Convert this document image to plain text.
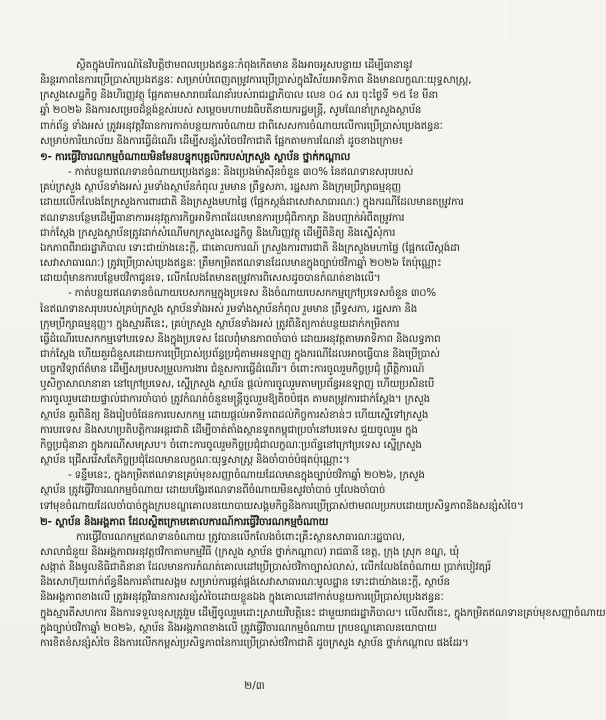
ស្ថិតក្នុងបរិការណ៍នៃវិបត្តិថាមពលប្រេងឥន្ធនៈកំពុងកើតមាន និងអាចអូសបន្លាយ ដើម្បីធានានូវ
និរន្តរភាពនៃការប្រើប្រាស់ប្រេងឥន្ធនៈ សម្រាប់បំពេញតម្រូវការប្រើប្រាស់ក្នុងវិស័យអាទិភាព និងមានលក្ខណៈយុទ្ធសាស្ត្រ,
ក្រសួងសេដ្ឋកិច្ច និងហិរញ្ញវត្ថុ ផ្អែកតាមសារាចរណែនាំរបស់រាជរដ្ឋាភិបាល លេខ ០៤ សរ ចុះថ្ងៃទី ១៥ ខែ មីនា
ឆ្នាំ ២០២៦ និងការសម្រេចដ៏ខ្ពង់ខ្ពស់របស់ សម្តេចមហាបវរធិបតីនាយករដ្ឋមន្ត្រី, សូមណែនាំក្រសួងស្ថាប័ន
ពាក់ព័ន្ធ ទាំងអស់ ត្រូវអនុវត្តវិធានការកាត់បន្ថយការចំណាយ ជាពិសេសការចំណាយលើការប្រើប្រាស់ប្រេងឥន្ធនៈ
សម្រាប់ការិយាល័យ និងការធ្វើដំណើរ ដើម្បីសន្សំសំចៃថវិកាជាតិ ផ្អែកតាមការណែនាំ ដូចខាងក្រោម៖
១- ការធ្វើវិចារណកម្មចំណាយមិនមែនបន្ទុកបុគ្គលិករបស់ក្រសួង ស្ថាប័ន ថ្នាក់កណ្តាល
- កាត់បន្ថយឥណទានចំណាយប្រេងឥន្ធនៈ និងប្រេងម៉ាស៊ីនចំនួន ៣០% នៃឥណទានសរុបរបស់
គ្រប់ក្រសួង ស្ថាប័នទាំងអស់ រួមទាំងស្ថាប័នកំពុល រួមមាន ព្រឹទ្ធសភា, រដ្ឋសភា និងក្រុមប្រឹក្សាធម្មនុញ្ញ
ដោយលើកលែងតែក្រសួងការពារជាតិ និងក្រសួងមហាផ្ទៃ (ផ្អែកស្តង់ដាសេវាសាធារណៈ) ក្នុងករណីដែលមានតម្រូវការ
ឥណទានបន្ថែមដើម្បីធានាការអនុវត្តភារកិច្ចអាទិភាពដែលមានការប្រជុំពិភាក្សា និងបញ្ជាក់អំពីតម្រូវការ
ជាក់ស្តែង ក្រសួងស្ថាប័នត្រូវដាក់សំណើមកក្រសួងសេដ្ឋកិច្ច និងហិរញ្ញវត្ថុ ដើម្បីពិនិត្យ និងស្នើសុំការ
ឯកភាពពីរាជរដ្ឋាភិបាល ទោះជាយ៉ាងនេះក្តី, ជាគោលការណ៍ ក្រសួងការពារជាតិ និងក្រសួងមហាផ្ទៃ (ផ្អែកលើស្តង់ដា
សេវាសាធារណៈ) ត្រូវប្រើប្រាស់ប្រេងឥន្ធនៈ ត្រឹមកម្រិតឥណទានដែលមានក្នុងច្បាប់ថវិកាឆ្នាំ ២០២៦ តែប៉ុណ្ណោះ
ដោយពុំមានការបន្ថែមថវិកាជូនទេ, លើកលែងតែមានតម្រូវការពិសេសដូចបានកំណត់ខាងលើ។
- កាត់បន្ថយឥណទានចំណាយបេសកកម្មក្នុងប្រទេស និងចំណាយបេសកកម្មក្រៅប្រទេសចំនួន ៣០%
នៃឥណទានសរុបរបស់គ្រប់ក្រសួង ស្ថាប័នទាំងអស់ រួមទាំងស្ថាប័នកំពុល រួមមាន ព្រឹទ្ធសភា, រដ្ឋសភា និង
ក្រុមប្រឹក្សាធម្មនុញ្ញ។ ក្នុងស្មារតីនេះ, គ្រប់ក្រសួង ស្ថាប័នទាំងអស់ ត្រូវពិនិត្យកាត់បន្ថយដាក់កម្រិតការ
ធ្វើដំណើរបេសកកម្មទៅបរទេស និងក្នុងប្រទេស ដែលពុំមានភាពចាំបាច់ ដោយអនុវត្តតាមអាទិភាព និងលទ្ធភាព
ជាក់ស្តែង ហើយគួរជំនួសដោយការប្រើប្រាស់ប្រព័ន្ធប្រជុំតាមអនឡាញ ក្នុងករណីដែលអាចធ្វើបាន និងប្រើប្រាស់
បច្ចេកវិទ្យាព័ត៌មាន ដើម្បីសម្របសម្រួលការងារ ជំនួសការធ្វើដំណើរ។ ចំពោះការចូលរួមកិច្ចប្រជុំ ព្រឹត្តិការណ៍
ឬសិក្ខាសាលានានា នៅក្រៅប្រទេស, ស្នើក្រសួង ស្ថាប័ន ផ្តល់ការចូលរួមតាមប្រព័ន្ធអនឡាញ ហើយប្រសិនបើ
ការចូលរួមដោយផ្ទាល់ជាការចាំបាច់ ត្រូវកំណត់ចំនួនមន្ត្រីចូលរួមឱ្យតិចបំផុត តាមតម្រូវការជាក់ស្តែង។ ក្រសួង
ស្ថាប័ន គួរពិនិត្យ និងរៀបចំផែនការបេសកកម្ម ដោយផ្តល់អាទិភាពដល់កិច្ចការសំខាន់ៗ ហើយស្នើទៅក្រសួង
ការបរទេស និងសហប្រតិបត្តិការអន្តរជាតិ ដើម្បីចាត់តាំងស្ថានទូតកម្ពុជាប្រចាំនៅបរទេស ជួយចូលរួម ក្នុង
កិច្ចប្រជុំនានា ក្នុងករណីសមស្រប។ ចំពោះការចូលរួមកិច្ចប្រជុំជាលក្ខណៈប្រព័ន្ធនៅក្រៅប្រទេស ស្នើក្រសួង
ស្ថាប័ន ជ្រើសរើសតែកិច្ចប្រជុំដែលមានលក្ខណៈយុទ្ធសាស្ត្រ និងចាំបាច់បំផុតប៉ុណ្ណោះ។
- ទន្ទឹមនេះ, ក្នុងកម្រិតឥណទានគ្រប់មុខសញ្ញាចំណាយដែលមានក្នុងច្បាប់ថវិកាឆ្នាំ ២០២៦, ក្រសួង
ស្ថាប័ន ត្រូវធ្វើវិចារណកម្មចំណាយ ដោយបង្វែរឥណទានពីចំណាយមិនសូវចាំបាច់ ឬលែងចាំបាច់
ទៅមុខចំណាយដែលចាំបាច់ក្នុងក្របខណ្ឌគោលនយោបាយសង្គមកិច្ចនិងការប្រើប្រាស់ថាមពលប្រកបដោយប្រសិទ្ធភាពនិងសន្សំសំចៃ។
២- ស្ថាប័ន និងអង្គភាព ដែលស្ថិតក្រោមគោលការណ៍ការធ្វើវិចារណកម្មចំណាយ
ការធ្វើវិចារណកម្មឥណទានចំណាយ ត្រូវបានលើកលែងចំពោះគ្រឹះស្ថានសាធារណៈរដ្ឋបាល,
សាលាជំនួយ និងអង្គភាពអនុវត្តថវិកាតាមកម្មវិធី (ក្រសួង ស្ថាប័ន ថ្នាក់កណ្តាល) រាជធានី ខេត្ត, ក្រុង ស្រុក ខណ្ឌ, ឃុំ
សង្កាត់ និងមូលនិធិជាតិនានា ដែលមានការកំណត់គោលដៅប្រើប្រាស់ថវិកាច្បាស់លាស់, លើកលែងតែចំណាយ ប្រាក់បៀវត្សរ៍
និងសោហ៊ុយពាក់ព័ន្ធនឹងការគាំពារសង្គម សម្រាប់ការផ្គត់ផ្គង់សេវាសាធារណៈមូលដ្ឋាន ទោះជាយ៉ាងនេះក្តី, ស្ថាប័ន
និងអង្គភាពខាងលើ ត្រូវអនុវត្តវិធានការសន្សំសំចៃដោយខ្លួនឯង ក្នុងគោលដៅកាត់បន្ថយការប្រើប្រាស់ប្រេងឥន្ធនៈ
ក្នុងស្មារតីសហការ និងការទទួលខុសត្រូវរួម ដើម្បីចូលរួមដោះស្រាយវិបត្តិនេះ ជាមួយរាជរដ្ឋាភិបាល។ លើសពីនេះ, ក្នុងកម្រិតឥណទានគ្រប់មុខសញ្ញាចំណាយ
ក្នុងច្បាប់ថវិកាឆ្នាំ ២០២៦, ស្ថាប័ន និងអង្គភាពខាងលើ ត្រូវធ្វើវិចារណកម្មចំណាយ ក្របខណ្ឌគោលនយោបាយ
ការខិតខំសន្សំសំចៃ និងការលើកកម្ពស់ប្រសិទ្ធភាពនៃការប្រើប្រាស់ថវិកាជាតិ ដូចក្រសួង ស្ថាប័ន ថ្នាក់កណ្តាល ផងដែរ។
២/៣
